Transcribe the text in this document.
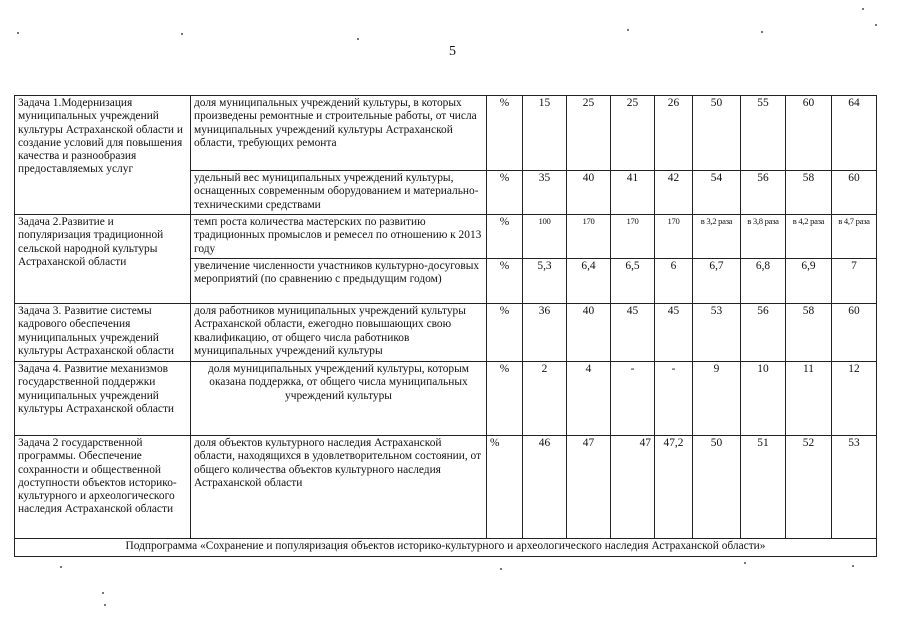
5
Задача 1.Модернизация муниципальных учреждений культуры Астраханской области и создание условий для повышения качества и разнообразия предоставляемых услуг	доля муниципальных учреждений культуры, в которых произведены ремонтные и строительные работы, от числа муниципальных учреждений культуры Астраханской области, требующих ремонта	%	15	25	25	26	50	55	60	64
	удельный вес муниципальных учреждений культуры, оснащенных современным оборудованием и материально-техническими средствами	%	35	40	41	42	54	56	58	60
Задача 2.Развитие и популяризация традиционной сельской народной культуры Астраханской области	темп роста количества мастерских по развитию традиционных промыслов и ремесел по отношению к 2013 году	%	100	170	170	170	в 3,2 раза	в 3,8 раза	в 4,2 раза	в 4,7 раза
	увеличение численности участников культурно-досуговых мероприятий (по сравнению с предыдущим годом)	%	5,3	6,4	6,5	6	6,7	6,8	6,9	7
Задача 3. Развитие системы кадрового обеспечения муниципальных учреждений культуры Астраханской области	доля работников муниципальных учреждений культуры Астраханской области, ежегодно повышающих свою квалификацию, от общего числа работников муниципальных учреждений культуры	%	36	40	45	45	53	56	58	60
Задача 4. Развитие механизмов государственной поддержки муниципальных учреждений культуры Астраханской области	доля муниципальных учреждений культуры, которым оказана поддержка, от общего числа муниципальных учреждений культуры	%	2	4	-	-	9	10	11	12
Задача 2 государственной программы. Обеспечение сохранности и общественной доступности объектов историко-культурного и археологического наследия Астраханской области	доля объектов культурного наследия Астраханской области, находящихся в удовлетворительном состоянии, от общего количества объектов культурного наследия Астраханской области	%	46	47	47	47,2	50	51	52	53
Подпрограмма «Сохранение и популяризация объектов историко-культурного и археологического наследия Астраханской области»										
